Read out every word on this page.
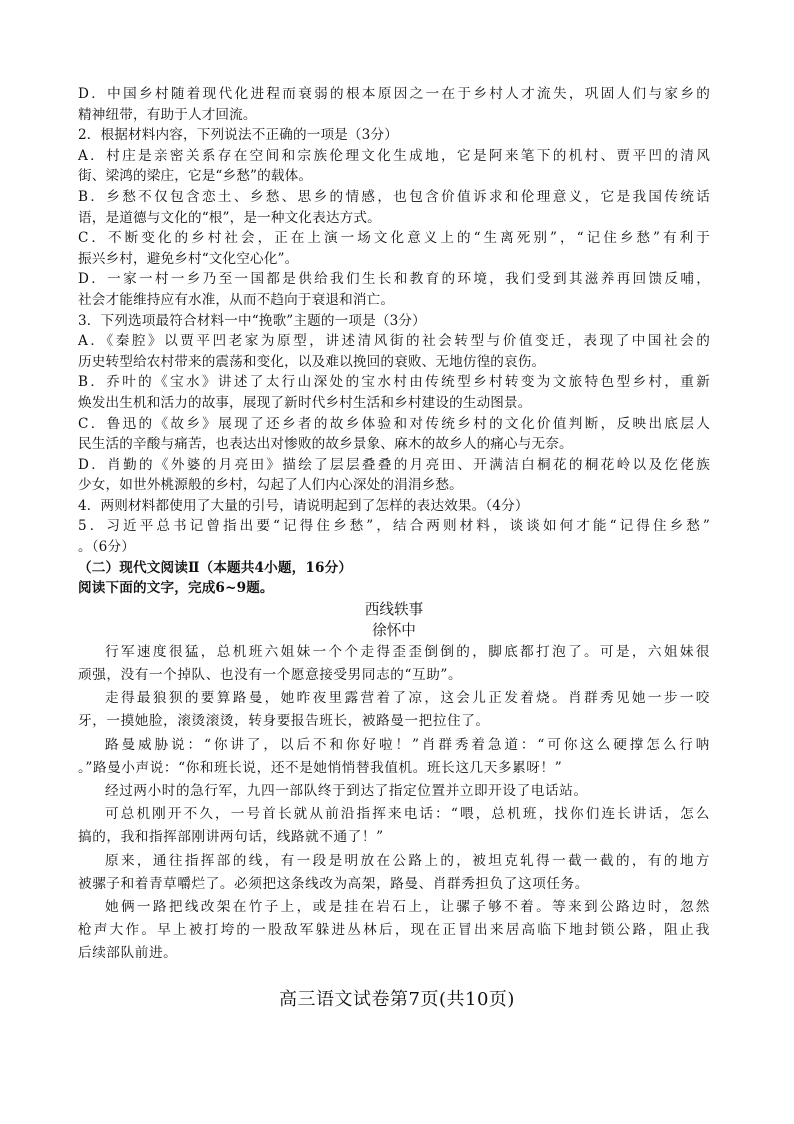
D．中国乡村随着现代化进程而衰弱的根本原因之一在于乡村人才流失，巩固人们与家乡的
精神纽带，有助于人才回流。
2．根据材料内容，下列说法不正确的一项是（3分）
A．村庄是亲密关系存在空间和宗族伦理文化生成地，它是阿来笔下的机村、贾平凹的清风
街、梁鸿的梁庄，它是“乡愁”的载体。
B．乡愁不仅包含恋土、乡愁、思乡的情感，也包含价值诉求和伦理意义，它是我国传统话
语，是道德与文化的“根”，是一种文化表达方式。
C．不断变化的乡村社会，正在上演一场文化意义上的“生离死别”，“记住乡愁”有利于
振兴乡村，避免乡村“文化空心化”。
D．一家一村一乡乃至一国都是供给我们生长和教育的环境，我们受到其滋养再回馈反哺，
社会才能维持应有水准，从而不趋向于衰退和消亡。
3．下列选项最符合材料一中“挽歌”主题的一项是（3分）
A．《秦腔》以贾平凹老家为原型，讲述清风街的社会转型与价值变迁，表现了中国社会的
历史转型给农村带来的震荡和变化，以及难以挽回的衰败、无地仿徨的哀伤。
B．乔叶的《宝水》讲述了太行山深处的宝水村由传统型乡村转变为文旅特色型乡村，重新
焕发出生机和活力的故事，展现了新时代乡村生活和乡村建设的生动图景。
C．鲁迅的《故乡》展现了还乡者的故乡体验和对传统乡村的文化价值判断，反映出底层人
民生活的辛酸与痛苦，也表达出对惨败的故乡景象、麻木的故乡人的痛心与无奈。
D．肖勤的《外婆的月亮田》描绘了层层叠叠的月亮田、开满洁白桐花的桐花岭以及仡佬族
少女，如世外桃源般的乡村，勾起了人们内心深处的涓涓乡愁。
4．两则材料都使用了大量的引号，请说明起到了怎样的表达效果。（4分）
5．习近平总书记曾指出要“记得住乡愁”，结合两则材料，谈谈如何才能“记得住乡愁”
。（6分）
（二）现代文阅读Ⅱ（本题共4小题，16分）
阅读下面的文字，完成6~9题。
西线轶事
徐怀中
行军速度很猛，总机班六姐妹一个个走得歪歪倒倒的，脚底都打泡了。可是，六姐妹很
顽强，没有一个掉队、也没有一个愿意接受男同志的“互助”。
走得最狼狈的要算路曼，她昨夜里露营着了凉，这会儿正发着烧。肖群秀见她一步一咬
牙，一摸她脸，滚烫滚烫，转身要报告班长，被路曼一把拉住了。
路曼威胁说：“你讲了，以后不和你好啦！”肖群秀着急道：“可你这么硬撑怎么行呐
。”路曼小声说：“你和班长说，还不是她悄悄替我值机。班长这几天多累呀！”
经过两小时的急行军，九四一部队终于到达了指定位置并立即开设了电话站。
可总机刚开不久，一号首长就从前沿指挥来电话：“喂，总机班，找你们连长讲话，怎么
搞的，我和指挥部刚讲两句话，线路就不通了！”
原来，通往指挥部的线，有一段是明放在公路上的，被坦克轧得一截一截的，有的地方
被骡子和着青草嚼烂了。必须把这条线改为高架，路曼、肖群秀担负了这项任务。
她俩一路把线改架在竹子上，或是挂在岩石上，让骡子够不着。等来到公路边时，忽然
枪声大作。早上被打垮的一股敌军躲进丛林后，现在正冒出来居高临下地封锁公路，阻止我
后续部队前进。
高三语文试卷第7页(共10页)
